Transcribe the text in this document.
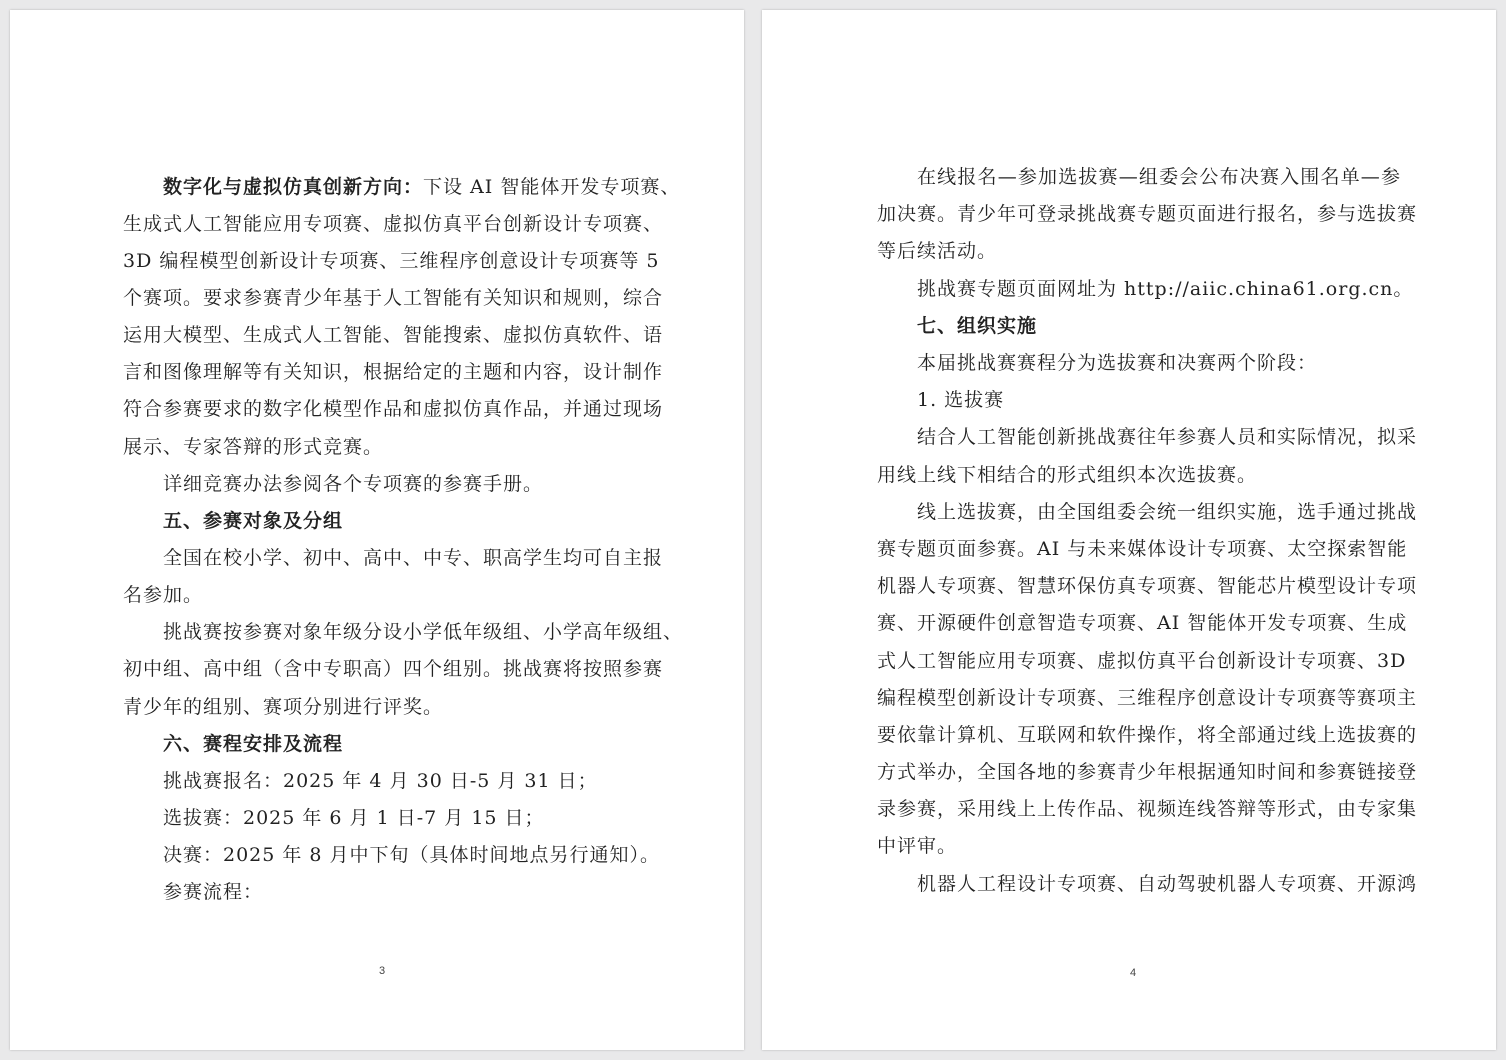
数字化与虚拟仿真创新方向：下设 AI 智能体开发专项赛、
生成式人工智能应用专项赛、虚拟仿真平台创新设计专项赛、
3D 编程模型创新设计专项赛、三维程序创意设计专项赛等 5
个赛项。要求参赛青少年基于人工智能有关知识和规则，综合
运用大模型、生成式人工智能、智能搜索、虚拟仿真软件、语
言和图像理解等有关知识，根据给定的主题和内容，设计制作
符合参赛要求的数字化模型作品和虚拟仿真作品，并通过现场
展示、专家答辩的形式竞赛。
详细竞赛办法参阅各个专项赛的参赛手册。
五、参赛对象及分组
全国在校小学、初中、高中、中专、职高学生均可自主报
名参加。
挑战赛按参赛对象年级分设小学低年级组、小学高年级组、
初中组、高中组（含中专职高）四个组别。挑战赛将按照参赛
青少年的组别、赛项分别进行评奖。
六、赛程安排及流程
挑战赛报名：2025 年 4 月 30 日-5 月 31 日；
选拔赛：2025 年 6 月 1 日-7 月 15 日；
决赛：2025 年 8 月中下旬（具体时间地点另行通知）。
参赛流程：
3
在线报名—参加选拔赛—组委会公布决赛入围名单—参
加决赛。青少年可登录挑战赛专题页面进行报名，参与选拔赛
等后续活动。
挑战赛专题页面网址为 http://aiic.china61.org.cn。
七、组织实施
本届挑战赛赛程分为选拔赛和决赛两个阶段：
1. 选拔赛
结合人工智能创新挑战赛往年参赛人员和实际情况，拟采
用线上线下相结合的形式组织本次选拔赛。
线上选拔赛，由全国组委会统一组织实施，选手通过挑战
赛专题页面参赛。AI 与未来媒体设计专项赛、太空探索智能
机器人专项赛、智慧环保仿真专项赛、智能芯片模型设计专项
赛、开源硬件创意智造专项赛、AI 智能体开发专项赛、生成
式人工智能应用专项赛、虚拟仿真平台创新设计专项赛、3D
编程模型创新设计专项赛、三维程序创意设计专项赛等赛项主
要依靠计算机、互联网和软件操作，将全部通过线上选拔赛的
方式举办，全国各地的参赛青少年根据通知时间和参赛链接登
录参赛，采用线上上传作品、视频连线答辩等形式，由专家集
中评审。
机器人工程设计专项赛、自动驾驶机器人专项赛、开源鸿
4
